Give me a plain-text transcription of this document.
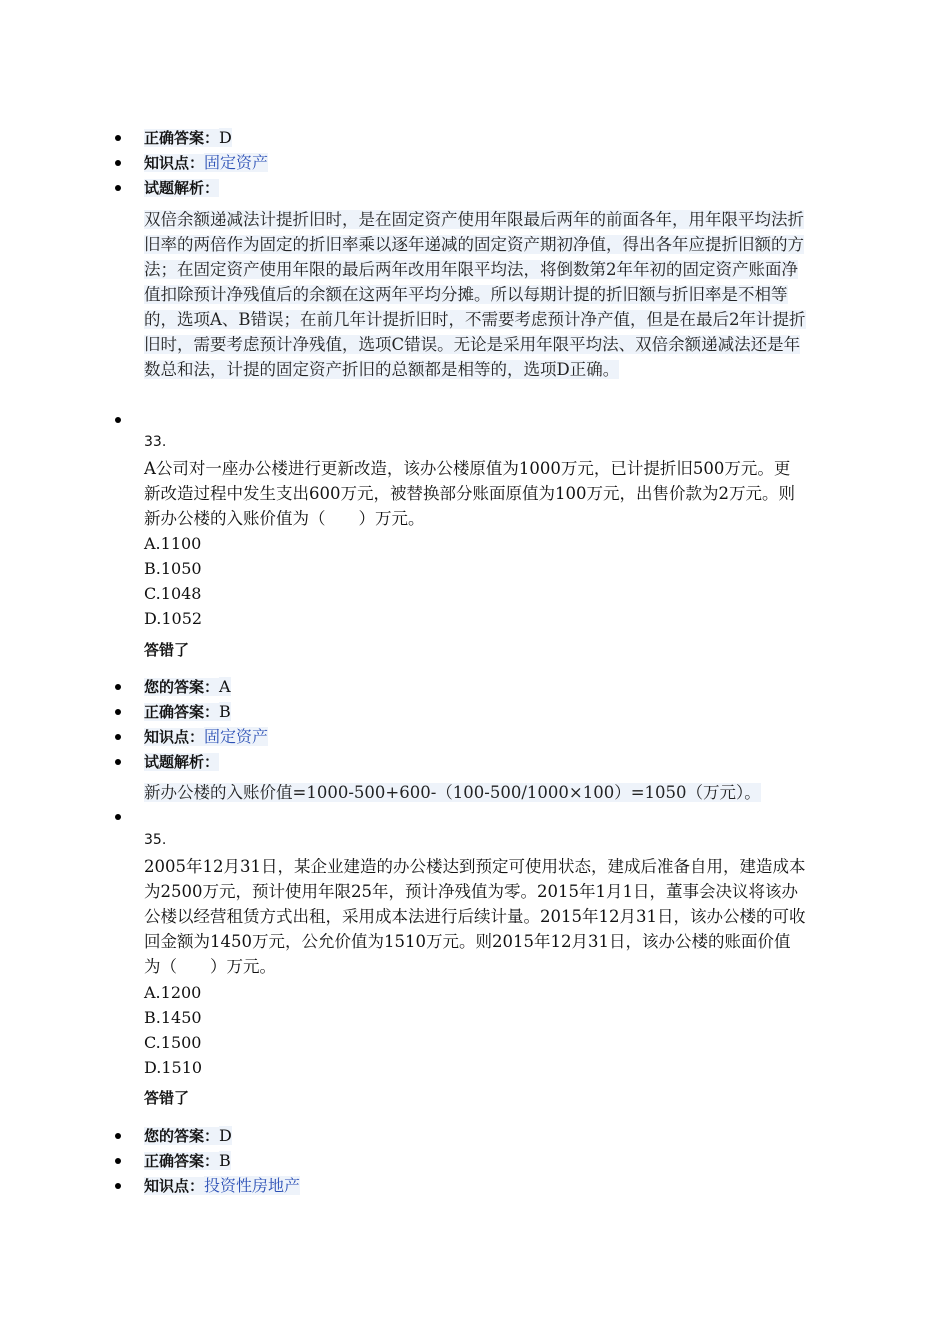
正确答案：D
知识点：固定资产
试题解析：
双倍余额递减法计提折旧时，是在固定资产使用年限最后两年的前面各年，用年限平均法折旧率的两倍作为固定的折旧率乘以逐年递减的固定资产期初净值，得出各年应提折旧额的方法；在固定资产使用年限的最后两年改用年限平均法，将倒数第2年年初的固定资产账面净值扣除预计净残值后的余额在这两年平均分摊。所以每期计提的折旧额与折旧率是不相等的，选项A、B错误；在前几年计提折旧时，不需要考虑预计净产值，但是在最后2年计提折旧时，需要考虑预计净残值，选项C错误。无论是采用年限平均法、双倍余额递减法还是年数总和法，计提的固定资产折旧的总额都是相等的，选项D正确。
33.
A公司对一座办公楼进行更新改造，该办公楼原值为1000万元，已计提折旧500万元。更新改造过程中发生支出600万元，被替换部分账面原值为100万元，出售价款为2万元。则新办公楼的入账价值为（　　）万元。
A.1100
B.1050
C.1048
D.1052
答错了
您的答案：A
正确答案：B
知识点：固定资产
试题解析：
新办公楼的入账价值=1000-500+600-（100-500/1000×100）=1050（万元）。
35.
2005年12月31日，某企业建造的办公楼达到预定可使用状态，建成后准备自用，建造成本为2500万元，预计使用年限25年，预计净残值为零。2015年1月1日，董事会决议将该办公楼以经营租赁方式出租，采用成本法进行后续计量。2015年12月31日，该办公楼的可收回金额为1450万元，公允价值为1510万元。则2015年12月31日，该办公楼的账面价值为（　　）万元。
A.1200
B.1450
C.1500
D.1510
答错了
您的答案：D
正确答案：B
知识点：投资性房地产
